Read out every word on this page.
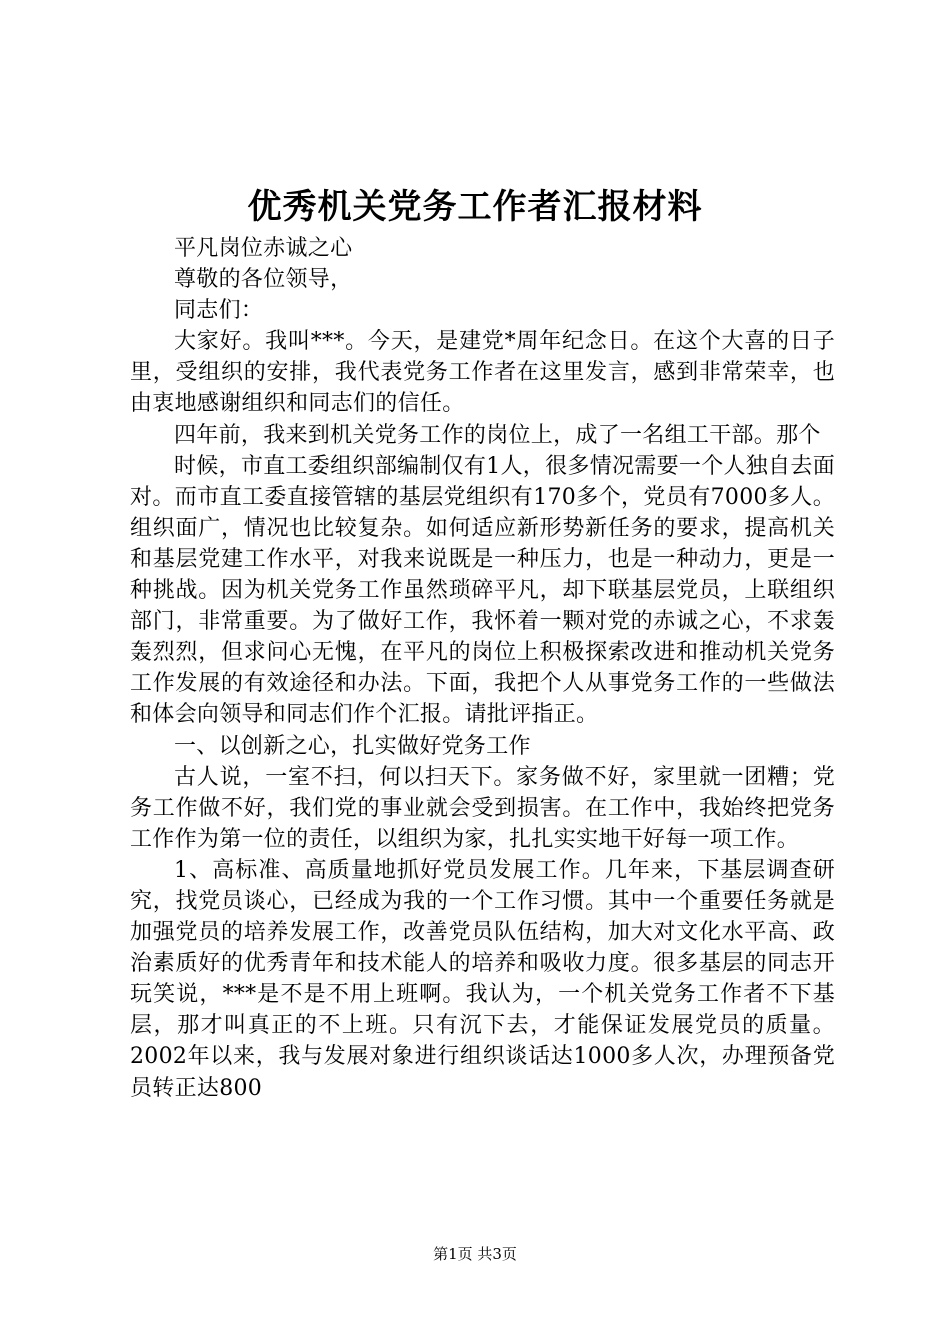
优秀机关党务工作者汇报材料

平凡岗位赤诚之心

尊敬的各位领导，

同志们：

大家好。我叫***。今天，是建党*周年纪念日。在这个大喜的日子里，受组织的安排，我代表党务工作者在这里发言，感到非常荣幸，也由衷地感谢组织和同志们的信任。

四年前，我来到机关党务工作的岗位上，成了一名组工干部。那个

时候，市直工委组织部编制仅有1人，很多情况需要一个人独自去面对。而市直工委直接管辖的基层党组织有170多个，党员有7000多人。组织面广，情况也比较复杂。如何适应新形势新任务的要求，提高机关和基层党建工作水平，对我来说既是一种压力，也是一种动力，更是一种挑战。因为机关党务工作虽然琐碎平凡，却下联基层党员，上联组织部门，非常重要。为了做好工作，我怀着一颗对党的赤诚之心，不求轰轰烈烈，但求问心无愧，在平凡的岗位上积极探索改进和推动机关党务工作发展的有效途径和办法。下面，我把个人从事党务工作的一些做法和体会向领导和同志们作个汇报。请批评指正。

一、以创新之心，扎实做好党务工作

古人说，一室不扫，何以扫天下。家务做不好，家里就一团糟；党务工作做不好，我们党的事业就会受到损害。在工作中，我始终把党务工作作为第一位的责任，以组织为家，扎扎实实地干好每一项工作。

1、高标准、高质量地抓好党员发展工作。几年来，下基层调查研究，找党员谈心，已经成为我的一个工作习惯。其中一个重要任务就是加强党员的培养发展工作，改善党员队伍结构，加大对文化水平高、政治素质好的优秀青年和技术能人的培养和吸收力度。很多基层的同志开玩笑说，***是不是不用上班啊。我认为，一个机关党务工作者不下基层，那才叫真正的不上班。只有沉下去，才能保证发展党员的质量。2002年以来，我与发展对象进行组织谈话达1000多人次，办理预备党员转正达800

第1页 共3页
